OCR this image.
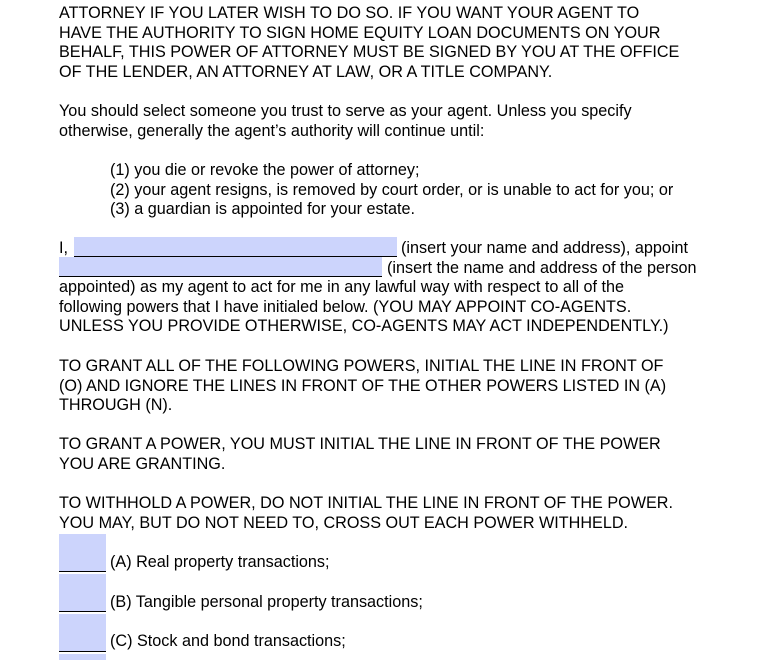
ATTORNEY IF YOU LATER WISH TO DO SO. IF YOU WANT YOUR AGENT TO
HAVE THE AUTHORITY TO SIGN HOME EQUITY LOAN DOCUMENTS ON YOUR
BEHALF, THIS POWER OF ATTORNEY MUST BE SIGNED BY YOU AT THE OFFICE
OF THE LENDER, AN ATTORNEY AT LAW, OR A TITLE COMPANY.
You should select someone you trust to serve as your agent. Unless you specify
otherwise, generally the agent’s authority will continue until:
(1) you die or revoke the power of attorney;
(2) your agent resigns, is removed by court order, or is unable to act for you; or
(3) a guardian is appointed for your estate.
I,	(insert your name and address), appoint
(insert the name and address of the person
appointed) as my agent to act for me in any lawful way with respect to all of the
following powers that I have initialed below. (YOU MAY APPOINT CO-AGENTS.
UNLESS YOU PROVIDE OTHERWISE, CO-AGENTS MAY ACT INDEPENDENTLY.)
TO GRANT ALL OF THE FOLLOWING POWERS, INITIAL THE LINE IN FRONT OF
(O) AND IGNORE THE LINES IN FRONT OF THE OTHER POWERS LISTED IN (A)
THROUGH (N).
TO GRANT A POWER, YOU MUST INITIAL THE LINE IN FRONT OF THE POWER
YOU ARE GRANTING.
TO WITHHOLD A POWER, DO NOT INITIAL THE LINE IN FRONT OF THE POWER.
YOU MAY, BUT DO NOT NEED TO, CROSS OUT EACH POWER WITHHELD.
(A) Real property transactions;
(B) Tangible personal property transactions;
(C) Stock and bond transactions;
